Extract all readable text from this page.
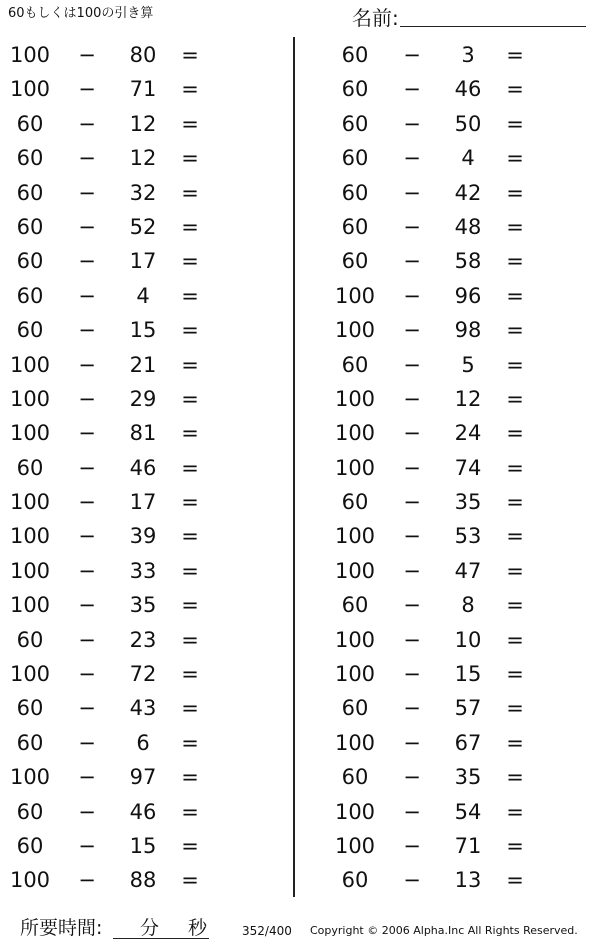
60もしくは100の引き算	名前:
100	−	80	=
100	−	71	=
60	−	12	=
60	−	12	=
60	−	32	=
60	−	52	=
60	−	17	=
60	−	4	=
60	−	15	=
100	−	21	=
100	−	29	=
100	−	81	=
60	−	46	=
100	−	17	=
100	−	39	=
100	−	33	=
100	−	35	=
60	−	23	=
100	−	72	=
60	−	43	=
60	−	6	=
100	−	97	=
60	−	46	=
60	−	15	=
100	−	88	=
60	−	3	=
60	−	46	=
60	−	50	=
60	−	4	=
60	−	42	=
60	−	48	=
60	−	58	=
100	−	96	=
100	−	98	=
60	−	5	=
100	−	12	=
100	−	24	=
100	−	74	=
60	−	35	=
100	−	53	=
100	−	47	=
60	−	8	=
100	−	10	=
100	−	15	=
60	−	57	=
100	−	67	=
60	−	35	=
100	−	54	=
100	−	71	=
60	−	13	=
所要時間: 分 秒	352/400 Copyright © 2006 Alpha.Inc All Rights Reserved.
